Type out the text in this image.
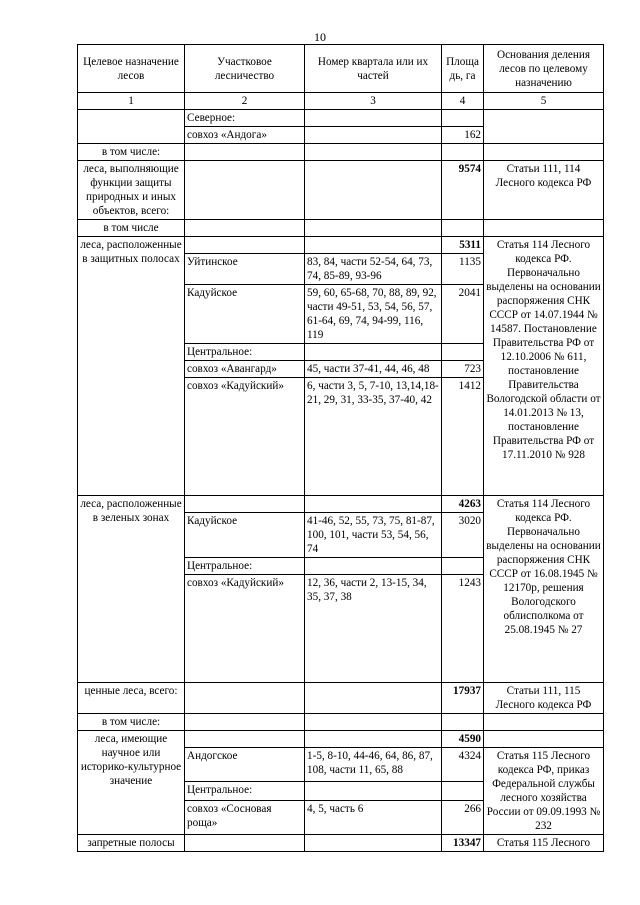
10
Целевое назначение лесов	Участковое лесничество	Номер квартала или их частей	Площа дь, га	Основания деления лесов по целевому назначению
1	2	3	4	5
	Северное:			
	совхоз «Андога»		162	
в том числе:				
леса, выполняющие функции защиты природных и иных объектов, всего:			9574	Статьи 111, 114 Лесного кодекса РФ
в том числе				
леса, расположенные в защитных полосах			5311	Статья 114 Лесного кодекса РФ. Первоначально выделены на основании распоряжения СНК СССР от 14.07.1944 № 14587. Постановление Правительства РФ от 12.10.2006 № 611, постановление Правительства Вологодской области от 14.01.2013 № 13, постановление Правительства РФ от 17.11.2010 № 928
	Уйтинское	83, 84, части 52-54, 64, 73, 74, 85-89, 93-96	1135	
	Кадуйское	59, 60, 65-68, 70, 88, 89, 92, части 49-51, 53, 54, 56, 57, 61-64, 69, 74, 94-99, 116, 119	2041	
	Центральное:			
	совхоз «Авангард»	45, части 37-41, 44, 46, 48	723	
	совхоз «Кадуйский»	6, части 3, 5, 7-10, 13,14,18-21, 29, 31, 33-35, 37-40, 42	1412	
леса, расположенные в зеленых зонах			4263	Статья 114 Лесного кодекса РФ. Первоначально выделены на основании распоряжения СНК СССР от 16.08.1945 № 12170р, решения Вологодского облисполкома от 25.08.1945 № 27
	Кадуйское	41-46, 52, 55, 73, 75, 81-87, 100, 101, части 53, 54, 56, 74	3020	
	Центральное:			
	совхоз «Кадуйский»	12, 36, части 2, 13-15, 34, 35, 37, 38	1243	
ценные леса, всего:			17937	Статьи 111, 115 Лесного кодекса РФ
в том числе:				
леса, имеющие научное или историко-культурное значение			4590	
	Андогское	1-5, 8-10, 44-46, 64, 86, 87, 108, части 11, 65, 88	4324	Статья 115 Лесного кодекса РФ, приказ Федеральной службы лесного хозяйства России от 09.09.1993 № 232
	Центральное:			
	совхоз «Сосновая роща»	4, 5, часть 6	266	
запретные полосы			13347	Статья 115 Лесного
